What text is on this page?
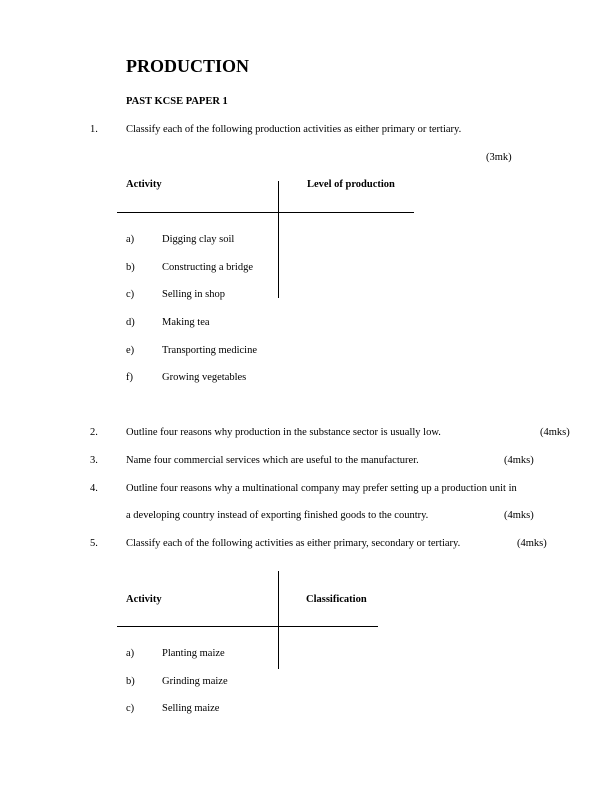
PRODUCTION
PAST KCSE PAPER 1
1.	Classify each of the following production activities as either primary or tertiary.
(3mk)
Activity	Level of production
a)	Digging clay soil
b)	Constructing a bridge
c)	Selling in shop
d)	Making tea
e)	Transporting medicine
f)	Growing vegetables
2.	Outline four reasons why production in the substance sector is usually low.	(4mks)
3.	Name four commercial services which are useful to the manufacturer.	(4mks)
4.	Outline four reasons why a multinational company may prefer setting up a production unit in
a developing country instead of exporting finished goods to the country.	(4mks)
5.	Classify each of the following activities as either primary, secondary or tertiary.	(4mks)
Activity	Classification
a)	Planting maize
b)	Grinding maize
c)	Selling maize
